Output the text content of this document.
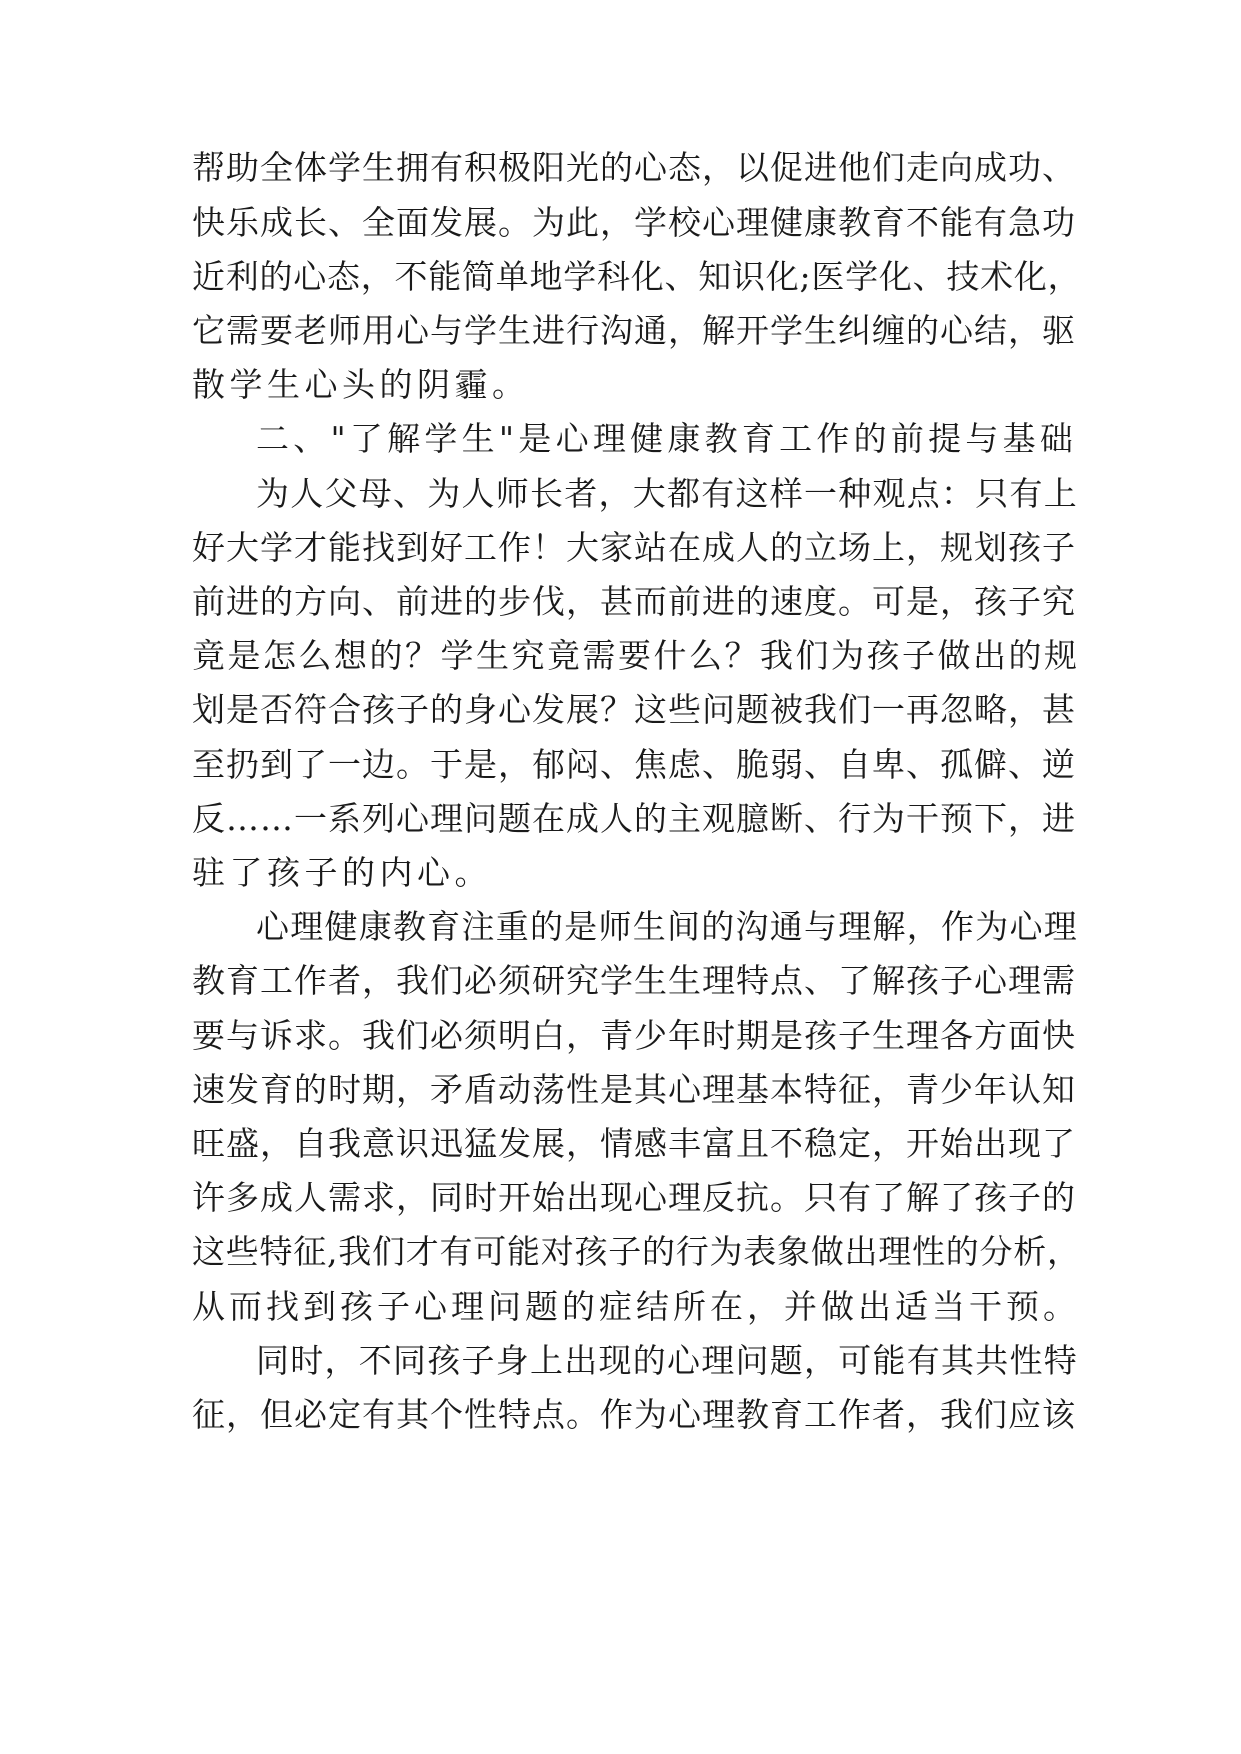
帮助全体学生拥有积极阳光的心态，以促进他们走向成功、
快乐成长、全面发展。为此，学校心理健康教育不能有急功
近利的心态，不能简单地学科化、知识化;医学化、技术化，
它需要老师用心与学生进行沟通，解开学生纠缠的心结，驱
散学生心头的阴霾。
二、"了解学生"是心理健康教育工作的前提与基础
为人父母、为人师长者，大都有这样一种观点：只有上
好大学才能找到好工作！大家站在成人的立场上，规划孩子
前进的方向、前进的步伐，甚而前进的速度。可是，孩子究
竟是怎么想的？学生究竟需要什么？我们为孩子做出的规
划是否符合孩子的身心发展？这些问题被我们一再忽略，甚
至扔到了一边。于是，郁闷、焦虑、脆弱、自卑、孤僻、逆
反……一系列心理问题在成人的主观臆断、行为干预下，进
驻了孩子的内心。
心理健康教育注重的是师生间的沟通与理解，作为心理
教育工作者，我们必须研究学生生理特点、了解孩子心理需
要与诉求。我们必须明白，青少年时期是孩子生理各方面快
速发育的时期，矛盾动荡性是其心理基本特征，青少年认知
旺盛，自我意识迅猛发展，情感丰富且不稳定，开始出现了
许多成人需求，同时开始出现心理反抗。只有了解了孩子的
这些特征,我们才有可能对孩子的行为表象做出理性的分析，
从而找到孩子心理问题的症结所在，并做出适当干预。
同时，不同孩子身上出现的心理问题，可能有其共性特
征，但必定有其个性特点。作为心理教育工作者，我们应该
